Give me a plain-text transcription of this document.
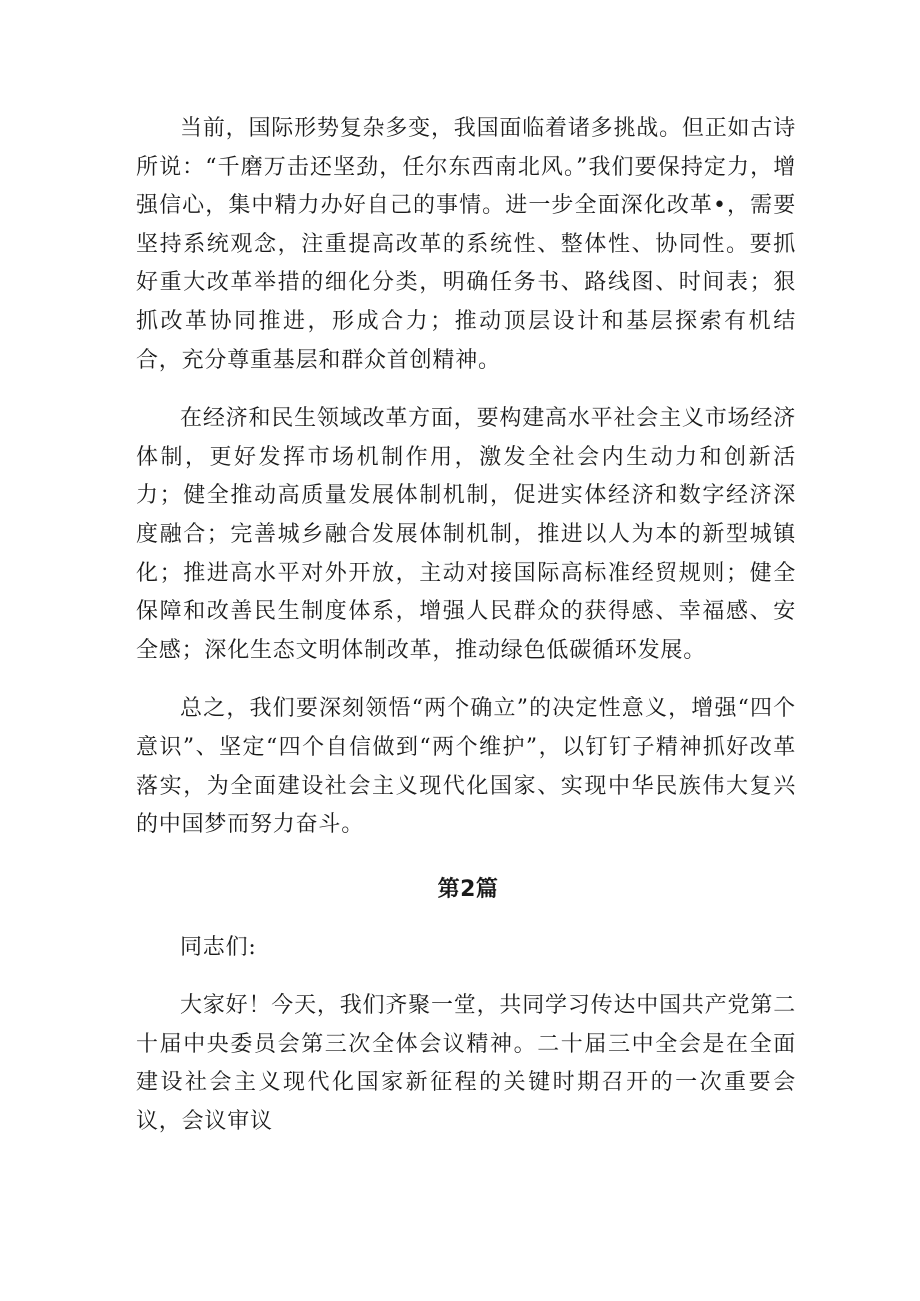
当前，国际形势复杂多变，我国面临着诸多挑战。但正如古诗所说：“千磨万击还坚劲，任尔东西南北风。”我们要保持定力，增强信心，集中精力办好自己的事情。进一步全面深化改革•，需要坚持系统观念，注重提高改革的系统性、整体性、协同性。要抓好重大改革举措的细化分类，明确任务书、路线图、时间表；狠抓改革协同推进，形成合力；推动顶层设计和基层探索有机结合，充分尊重基层和群众首创精神。

在经济和民生领域改革方面，要构建高水平社会主义市场经济体制，更好发挥市场机制作用，激发全社会内生动力和创新活力；健全推动高质量发展体制机制，促进实体经济和数字经济深度融合；完善城乡融合发展体制机制，推进以人为本的新型城镇化；推进高水平对外开放，主动对接国际高标准经贸规则；健全保障和改善民生制度体系，增强人民群众的获得感、幸福感、安全感；深化生态文明体制改革，推动绿色低碳循环发展。

总之，我们要深刻领悟“两个确立”的决定性意义，增强“四个意识”、坚定“四个自信做到“两个维护”，以钉钉子精神抓好改革落实，为全面建设社会主义现代化国家、实现中华民族伟大复兴的中国梦而努力奋斗。

第2篇

同志们:

大家好！今天，我们齐聚一堂，共同学习传达中国共产党第二十届中央委员会第三次全体会议精神。二十届三中全会是在全面建设社会主义现代化国家新征程的关键时期召开的一次重要会议，会议审议
